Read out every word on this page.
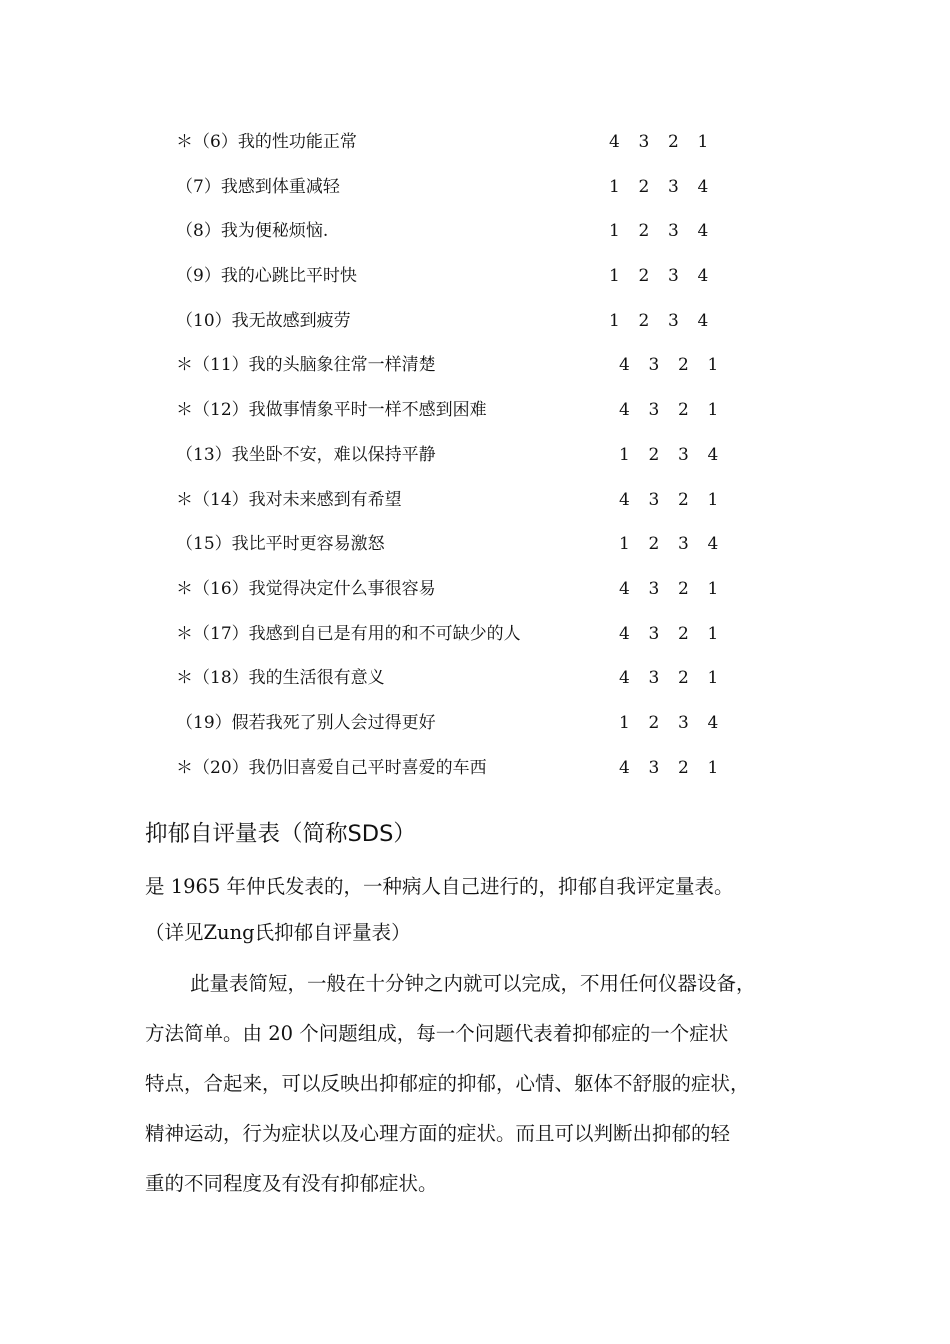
＊（6）我的性功能正常	4	3	2	1
（7）我感到体重减轻	1	2	3	4
（8）我为便秘烦恼.	1	2	3	4
（9）我的心跳比平时快	1	2	3	4
（10）我无故感到疲劳	1	2	3	4
＊（11）我的头脑象往常一样清楚	4	3	2	1
＊（12）我做事情象平时一样不感到困难	4	3	2	1
（13）我坐卧不安，难以保持平静	1	2	3	4
＊（14）我对未来感到有希望	4	3	2	1
（15）我比平时更容易激怒	1	2	3	4
＊（16）我觉得决定什么事很容易	4	3	2	1
＊（17）我感到自已是有用的和不可缺少的人	4	3	2	1
＊（18）我的生活很有意义	4	3	2	1
（19）假若我死了别人会过得更好	1	2	3	4
＊（20）我仍旧喜爱自己平时喜爱的车西	4	3	2	1
抑郁自评量表（简称SDS）
是 1965 年仲氏发表的，一种病人自己进行的，抑郁自我评定量表。
（详见Zung氏抑郁自评量表）
此量表简短，一般在十分钟之内就可以完成，不用任何仪器设备，
方法简单。由 20 个问题组成，每一个问题代表着抑郁症的一个症状
特点，合起来，可以反映出抑郁症的抑郁，心情、躯体不舒服的症状，
精神运动，行为症状以及心理方面的症状。而且可以判断出抑郁的轻
重的不同程度及有没有抑郁症状。
